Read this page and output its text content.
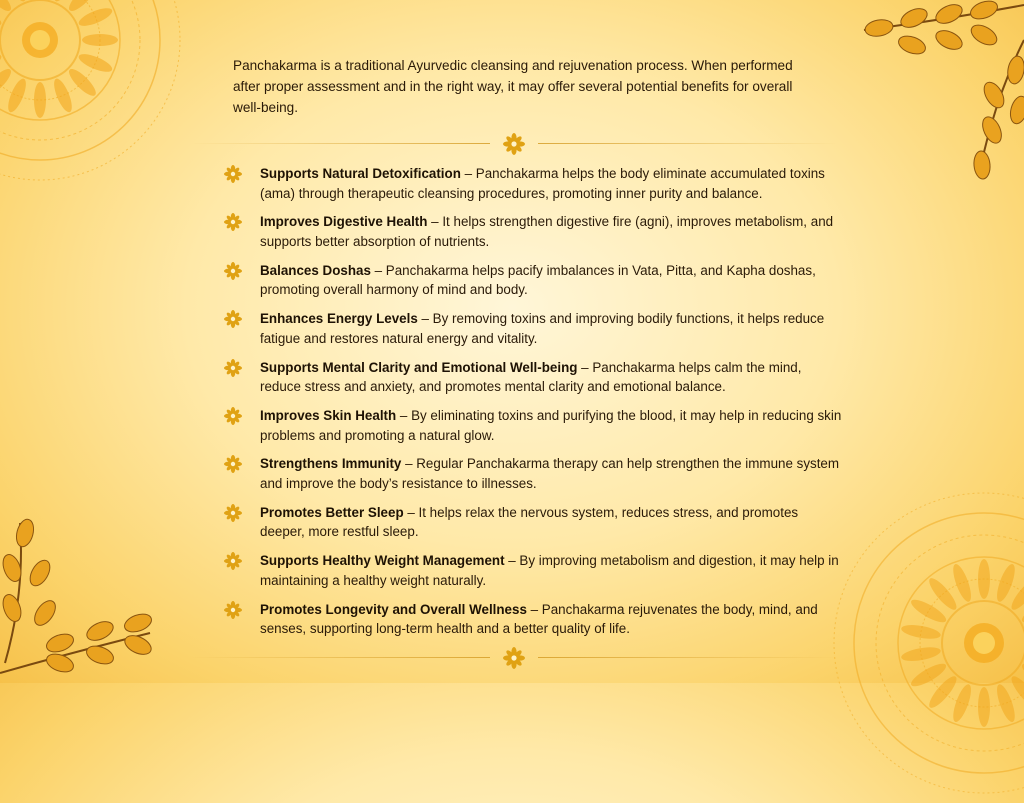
Panchakarma is a traditional Ayurvedic cleansing and rejuvenation process. When performed after proper assessment and in the right way, it may offer several potential benefits for overall well-being.

Supports Natural Detoxification – Panchakarma helps the body eliminate accumulated toxins (ama) through therapeutic cleansing procedures, promoting inner purity and balance.
Improves Digestive Health – It helps strengthen digestive fire (agni), improves metabolism, and supports better absorption of nutrients.
Balances Doshas – Panchakarma helps pacify imbalances in Vata, Pitta, and Kapha doshas, promoting overall harmony of mind and body.
Enhances Energy Levels – By removing toxins and improving bodily functions, it helps reduce fatigue and restores natural energy and vitality.
Supports Mental Clarity and Emotional Well-being – Panchakarma helps calm the mind, reduce stress and anxiety, and promotes mental clarity and emotional balance.
Improves Skin Health – By eliminating toxins and purifying the blood, it may help in reducing skin problems and promoting a natural glow.
Strengthens Immunity – Regular Panchakarma therapy can help strengthen the immune system and improve the body’s resistance to illnesses.
Promotes Better Sleep – It helps relax the nervous system, reduces stress, and promotes deeper, more restful sleep.
Supports Healthy Weight Management – By improving metabolism and digestion, it may help in maintaining a healthy weight naturally.
Promotes Longevity and Overall Wellness – Panchakarma rejuvenates the body, mind, and senses, supporting long-term health and a better quality of life.
